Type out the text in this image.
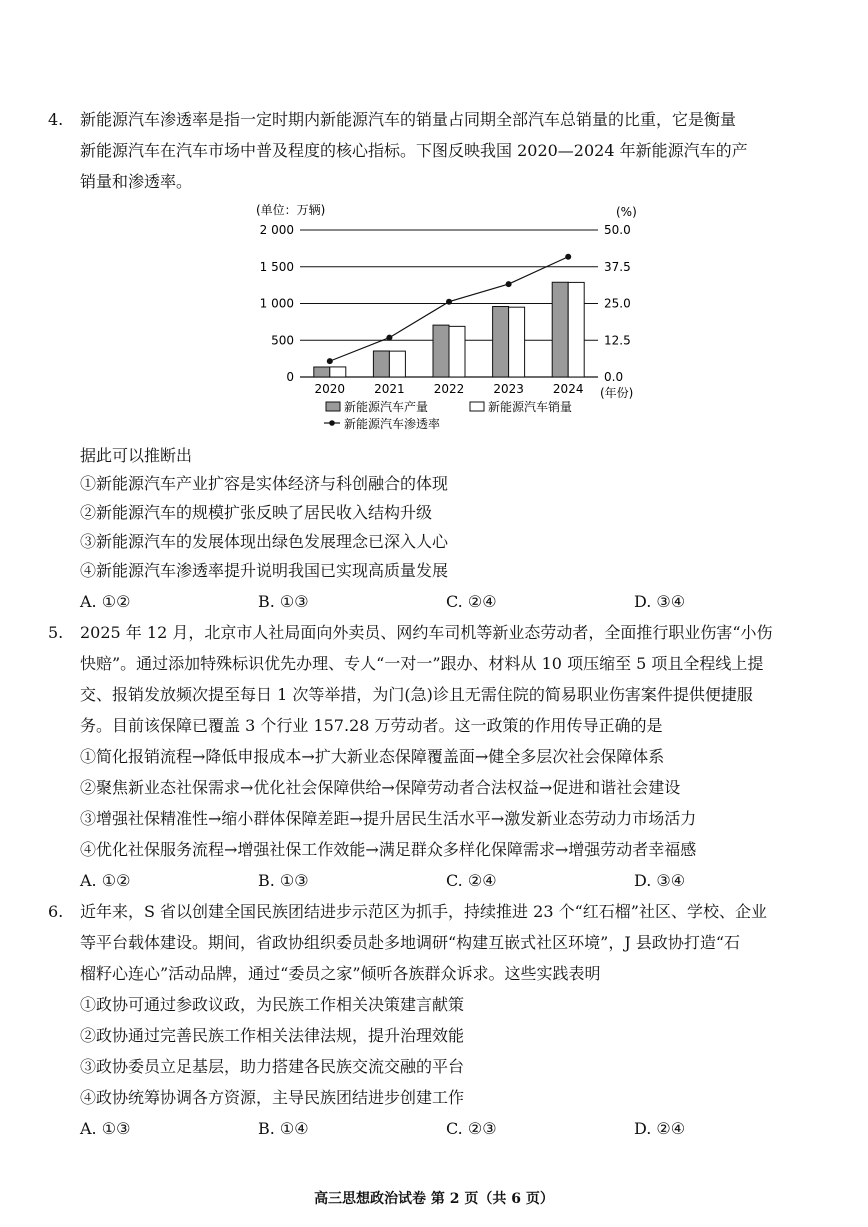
4. 新能源汽车渗透率是指一定时期内新能源汽车的销量占同期全部汽车总销量的比重，它是衡量
新能源汽车在汽车市场中普及程度的核心指标。下图反映我国 2020—2024 年新能源汽车的产
销量和渗透率。
(单位：万辆)	(%)
0	0.0
500	12.5
1 000	25.0
1 500	37.5
2 000	50.0
2020 2021 2022 2023 2024 (年份)
新能源汽车产量	新能源汽车销量
新能源汽车渗透率
据此可以推断出
①新能源汽车产业扩容是实体经济与科创融合的体现
②新能源汽车的规模扩张反映了居民收入结构升级
③新能源汽车的发展体现出绿色发展理念已深入人心
④新能源汽车渗透率提升说明我国已实现高质量发展
A. ①②	B. ①③	C. ②④	D. ③④
5. 2025 年 12 月，北京市人社局面向外卖员、网约车司机等新业态劳动者，全面推行职业伤害“小伤
快赔”。通过添加特殊标识优先办理、专人“一对一”跟办、材料从 10 项压缩至 5 项且全程线上提
交、报销发放频次提至每日 1 次等举措，为门(急)诊且无需住院的简易职业伤害案件提供便捷服
务。目前该保障已覆盖 3 个行业 157.28 万劳动者。这一政策的作用传导正确的是
①简化报销流程→降低申报成本→扩大新业态保障覆盖面→健全多层次社会保障体系
②聚焦新业态社保需求→优化社会保障供给→保障劳动者合法权益→促进和谐社会建设
③增强社保精准性→缩小群体保障差距→提升居民生活水平→激发新业态劳动力市场活力
④优化社保服务流程→增强社保工作效能→满足群众多样化保障需求→增强劳动者幸福感
A. ①②	B. ①③	C. ②④	D. ③④
6. 近年来，S 省以创建全国民族团结进步示范区为抓手，持续推进 23 个“红石榴”社区、学校、企业
等平台载体建设。期间，省政协组织委员赴多地调研“构建互嵌式社区环境”，J 县政协打造“石
榴籽心连心”活动品牌，通过“委员之家”倾听各族群众诉求。这些实践表明
①政协可通过参政议政，为民族工作相关决策建言献策
②政协通过完善民族工作相关法律法规，提升治理效能
③政协委员立足基层，助力搭建各民族交流交融的平台
④政协统筹协调各方资源，主导民族团结进步创建工作
A. ①③	B. ①④	C. ②③	D. ②④
高三思想政治试卷 第 2 页（共 6 页）
